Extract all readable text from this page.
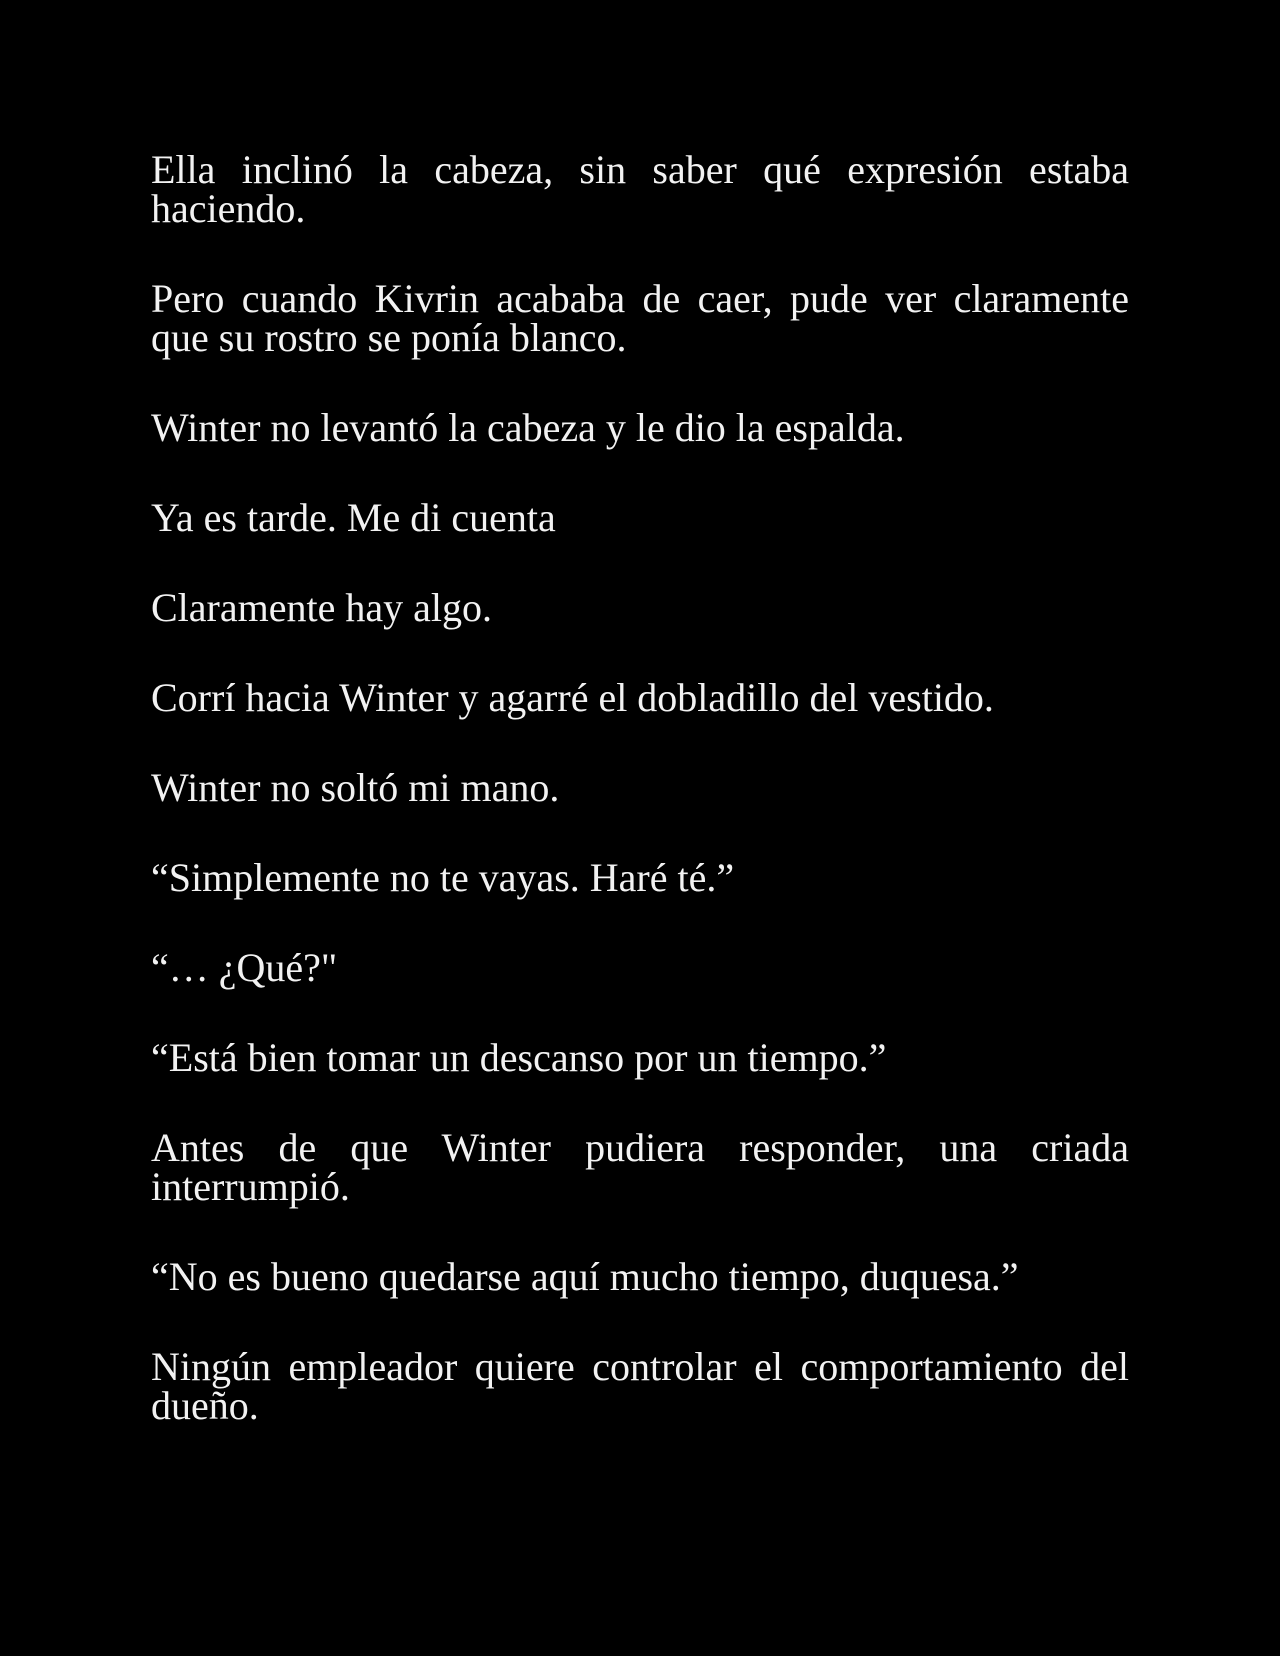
Ella inclinó la cabeza, sin saber qué expresión estaba haciendo.

Pero cuando Kivrin acababa de caer, pude ver claramente que su rostro se ponía blanco.

Winter no levantó la cabeza y le dio la espalda.

Ya es tarde. Me di cuenta

Claramente hay algo.

Corrí hacia Winter y agarré el dobladillo del vestido.

Winter no soltó mi mano.

“Simplemente no te vayas. Haré té.”

“… ¿Qué?"

“Está bien tomar un descanso por un tiempo.”

Antes de que Winter pudiera responder, una criada interrumpió.

“No es bueno quedarse aquí mucho tiempo, duquesa.”

Ningún empleador quiere controlar el comportamiento del dueño.
